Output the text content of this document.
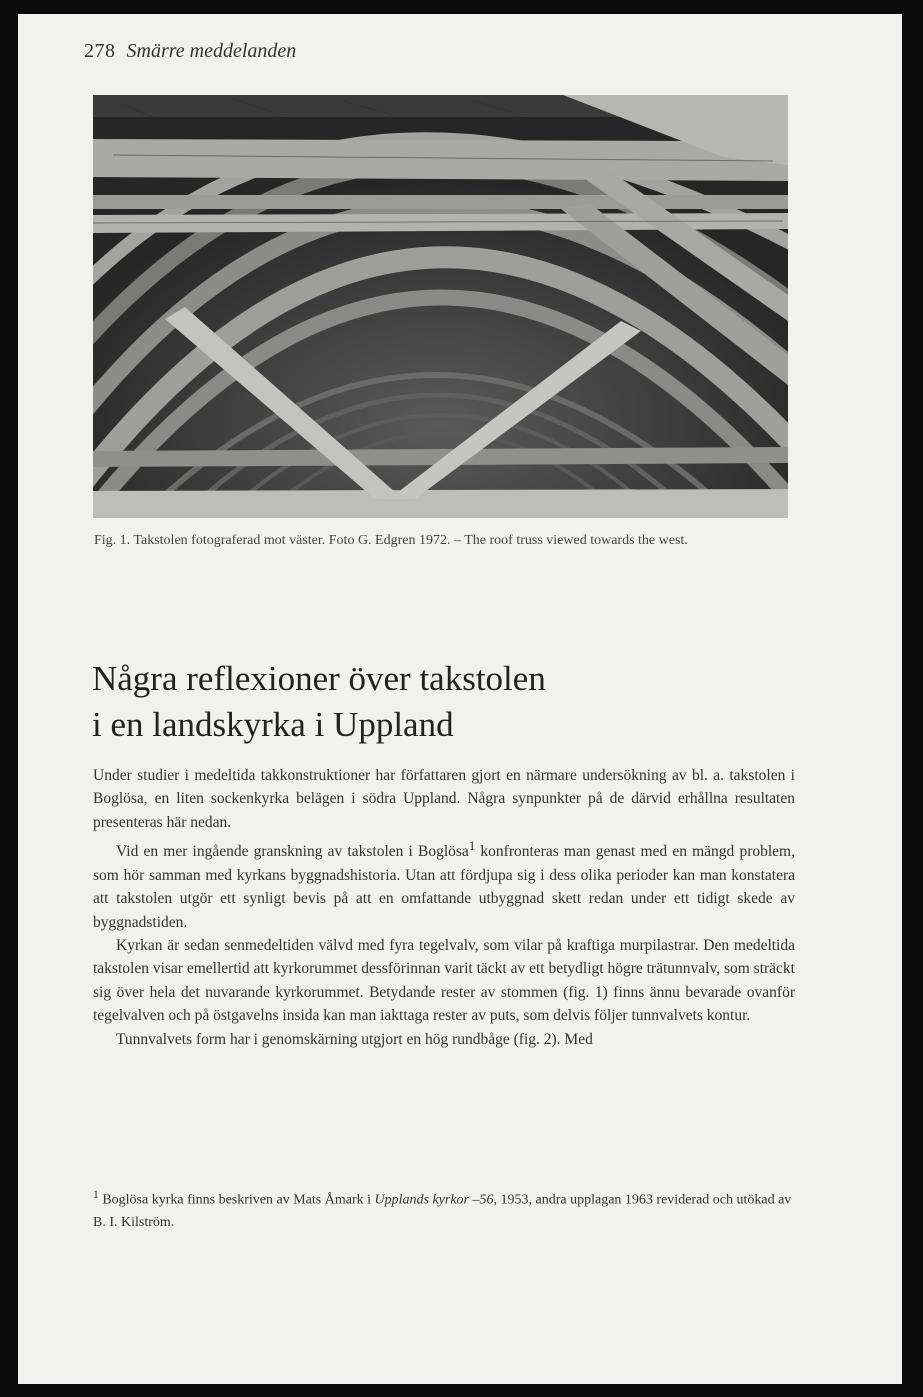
278 Smärre meddelanden
Fig. 1. Takstolen fotograferad mot väster. Foto G. Edgren 1972. – The roof truss viewed towards the west.
Några reflexioner över takstolen
i en landskyrka i Uppland

Under studier i medeltida takkonstruktioner har författaren gjort en närmare undersökning av bl. a. takstolen i Boglösa, en liten sockenkyrka belägen i södra Uppland. Några synpunkter på de därvid erhållna resultaten presenteras här nedan.

Vid en mer ingående granskning av takstolen i Boglösa$^1$ konfronteras man genast med en mängd problem, som hör samman med kyrkans byggnadshistoria. Utan att fördjupa sig i dess olika perioder kan man konstatera att takstolen utgör ett synligt bevis på att en omfattande utbyggnad skett redan under ett tidigt skede av byggnadstiden.

Kyrkan är sedan senmedeltiden välvd med fyra tegelvalv, som vilar på kraftiga murpilastrar. Den medeltida takstolen visar emellertid att kyrkorummet dessförinnan varit täckt av ett betydligt högre trätunnvalv, som sträckt sig över hela det nuvarande kyrkorummet. Betydande rester av stommen (fig. 1) finns ännu bevarade ovanför tegelvalven och på östgavelns insida kan man iakttaga rester av puts, som delvis följer tunnvalvets kontur.

Tunnvalvets form har i genomskärning utgjort en hög rundbåge (fig. 2). Med

$^1$ Boglösa kyrka finns beskriven av Mats Åmark i Upplands kyrkor –56, 1953, andra upplagan 1963 reviderad och utökad av B. I. Kilström.
